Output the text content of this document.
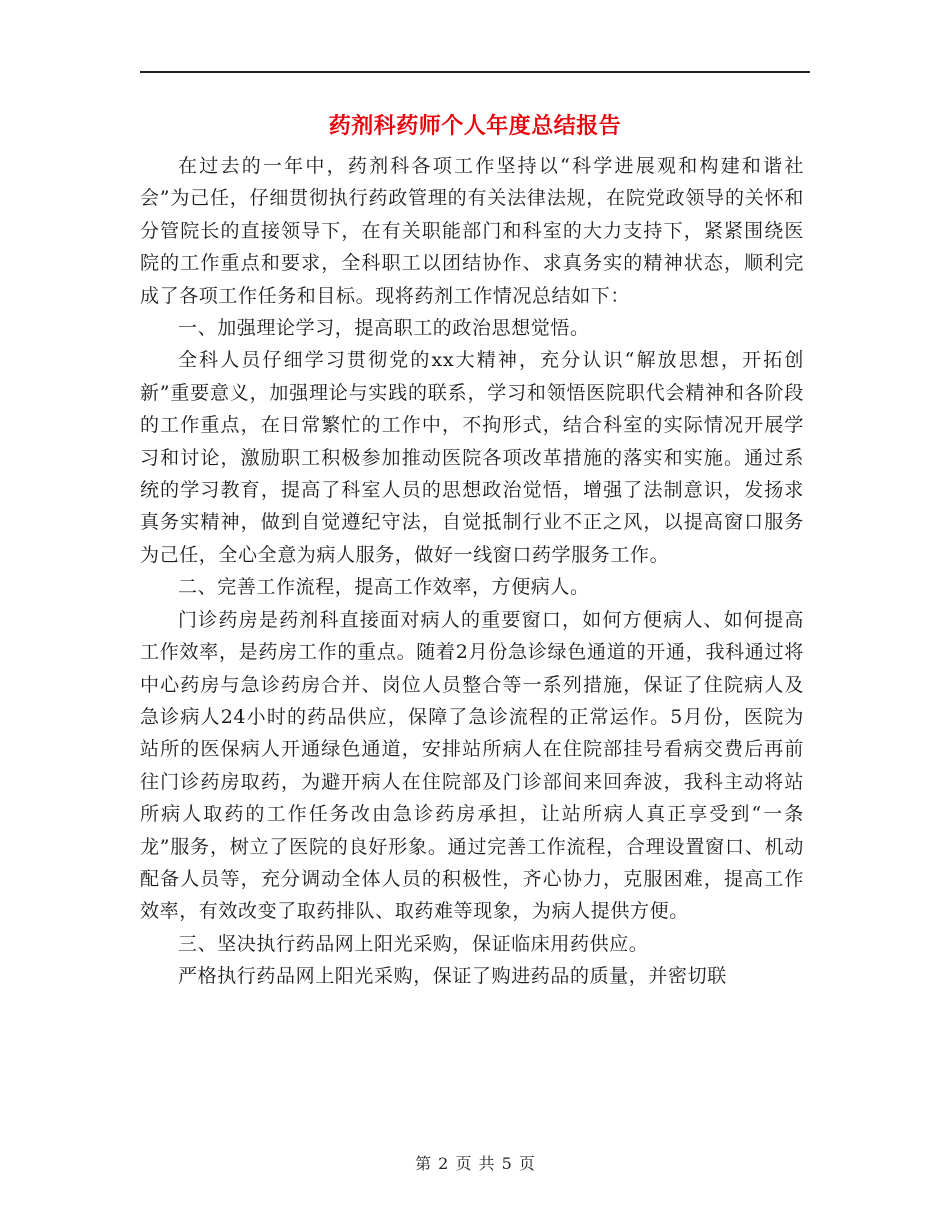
药剂科药师个人年度总结报告

在过去的一年中，药剂科各项工作坚持以“科学进展观和构建和谐社会”为己任，仔细贯彻执行药政管理的有关法律法规，在院党政领导的关怀和分管院长的直接领导下，在有关职能部门和科室的大力支持下，紧紧围绕医院的工作重点和要求，全科职工以团结协作、求真务实的精神状态，顺利完成了各项工作任务和目标。现将药剂工作情况总结如下：

一、加强理论学习，提高职工的政治思想觉悟。

全科人员仔细学习贯彻党的xx大精神，充分认识“解放思想，开拓创新”重要意义，加强理论与实践的联系，学习和领悟医院职代会精神和各阶段的工作重点，在日常繁忙的工作中，不拘形式，结合科室的实际情况开展学习和讨论，激励职工积极参加推动医院各项改革措施的落实和实施。通过系统的学习教育，提高了科室人员的思想政治觉悟，增强了法制意识，发扬求真务实精神，做到自觉遵纪守法，自觉抵制行业不正之风，以提高窗口服务为己任，全心全意为病人服务，做好一线窗口药学服务工作。

二、完善工作流程，提高工作效率，方便病人。

门诊药房是药剂科直接面对病人的重要窗口，如何方便病人、如何提高工作效率，是药房工作的重点。随着2月份急诊绿色通道的开通，我科通过将中心药房与急诊药房合并、岗位人员整合等一系列措施，保证了住院病人及急诊病人24小时的药品供应，保障了急诊流程的正常运作。5月份，医院为站所的医保病人开通绿色通道，安排站所病人在住院部挂号看病交费后再前往门诊药房取药，为避开病人在住院部及门诊部间来回奔波，我科主动将站所病人取药的工作任务改由急诊药房承担，让站所病人真正享受到“一条龙”服务，树立了医院的良好形象。通过完善工作流程，合理设置窗口、机动配备人员等，充分调动全体人员的积极性，齐心协力，克服困难，提高工作效率，有效改变了取药排队、取药难等现象，为病人提供方便。

三、坚决执行药品网上阳光采购，保证临床用药供应。

严格执行药品网上阳光采购，保证了购进药品的质量，并密切联

第 2 页 共 5 页
